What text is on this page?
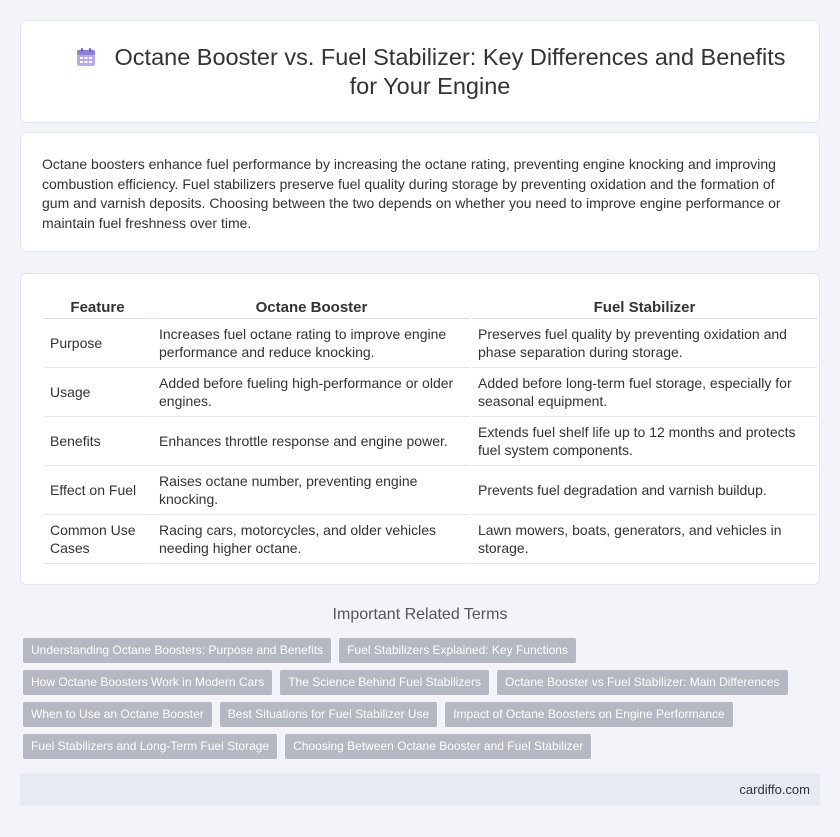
Octane Booster vs. Fuel Stabilizer: Key Differences and Benefits for Your Engine

Octane boosters enhance fuel performance by increasing the octane rating, preventing engine knocking and improving combustion efficiency. Fuel stabilizers preserve fuel quality during storage by preventing oxidation and the formation of gum and varnish deposits. Choosing between the two depends on whether you need to improve engine performance or maintain fuel freshness over time.

Feature	Octane Booster	Fuel Stabilizer
Purpose	Increases fuel octane rating to improve engine performance and reduce knocking.	Preserves fuel quality by preventing oxidation and phase separation during storage.
Usage	Added before fueling high-performance or older engines.	Added before long-term fuel storage, especially for seasonal equipment.
Benefits	Enhances throttle response and engine power.	Extends fuel shelf life up to 12 months and protects fuel system components.
Effect on Fuel	Raises octane number, preventing engine knocking.	Prevents fuel degradation and varnish buildup.
Common Use Cases	Racing cars, motorcycles, and older vehicles needing higher octane.	Lawn mowers, boats, generators, and vehicles in storage.
Important Related Terms
Understanding Octane Boosters: Purpose and Benefits	Fuel Stabilizers Explained: Key Functions
How Octane Boosters Work in Modern Cars	The Science Behind Fuel Stabilizers	Octane Booster vs Fuel Stabilizer: Main Differences
When to Use an Octane Booster	Best Situations for Fuel Stabilizer Use	Impact of Octane Boosters on Engine Performance
Fuel Stabilizers and Long-Term Fuel Storage	Choosing Between Octane Booster and Fuel Stabilizer
cardiffo.com
